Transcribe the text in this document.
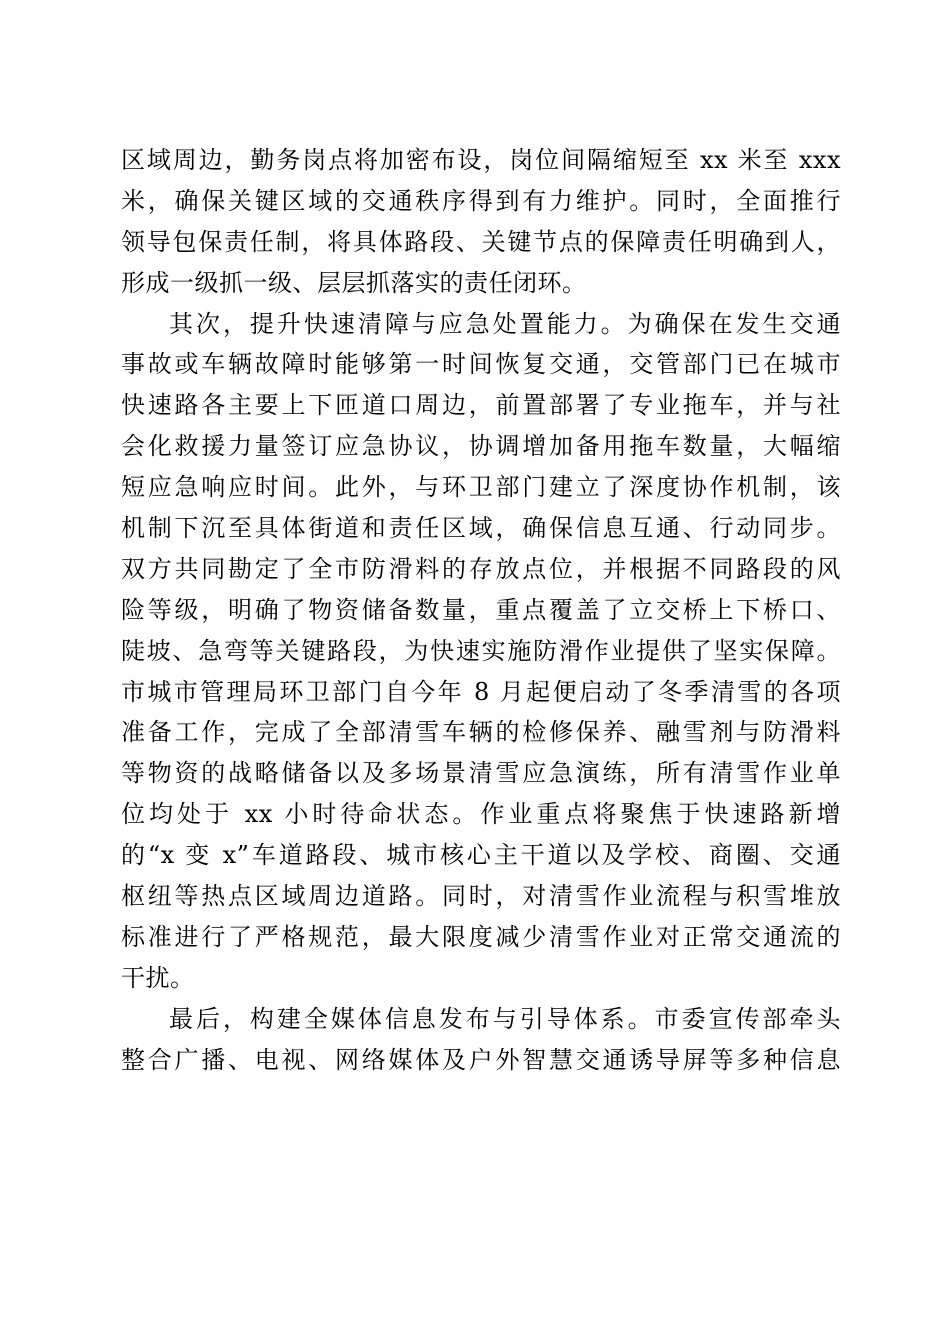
区域周边，勤务岗点将加密布设，岗位间隔缩短至 xx 米至 xxx
米，确保关键区域的交通秩序得到有力维护。同时，全面推行
领导包保责任制，将具体路段、关键节点的保障责任明确到人，
形成一级抓一级、层层抓落实的责任闭环。
其次，提升快速清障与应急处置能力。为确保在发生交通
事故或车辆故障时能够第一时间恢复交通，交管部门已在城市
快速路各主要上下匝道口周边，前置部署了专业拖车，并与社
会化救援力量签订应急协议，协调增加备用拖车数量，大幅缩
短应急响应时间。此外，与环卫部门建立了深度协作机制，该
机制下沉至具体街道和责任区域，确保信息互通、行动同步。
双方共同勘定了全市防滑料的存放点位，并根据不同路段的风
险等级，明确了物资储备数量，重点覆盖了立交桥上下桥口、
陡坡、急弯等关键路段，为快速实施防滑作业提供了坚实保障。
市城市管理局环卫部门自今年 8 月起便启动了冬季清雪的各项
准备工作，完成了全部清雪车辆的检修保养、融雪剂与防滑料
等物资的战略储备以及多场景清雪应急演练，所有清雪作业单
位均处于 xx 小时待命状态。作业重点将聚焦于快速路新增
的“x 变 x”车道路段、城市核心主干道以及学校、商圈、交通
枢纽等热点区域周边道路。同时，对清雪作业流程与积雪堆放
标准进行了严格规范，最大限度减少清雪作业对正常交通流的
干扰。
最后，构建全媒体信息发布与引导体系。市委宣传部牵头
整合广播、电视、网络媒体及户外智慧交通诱导屏等多种信息
